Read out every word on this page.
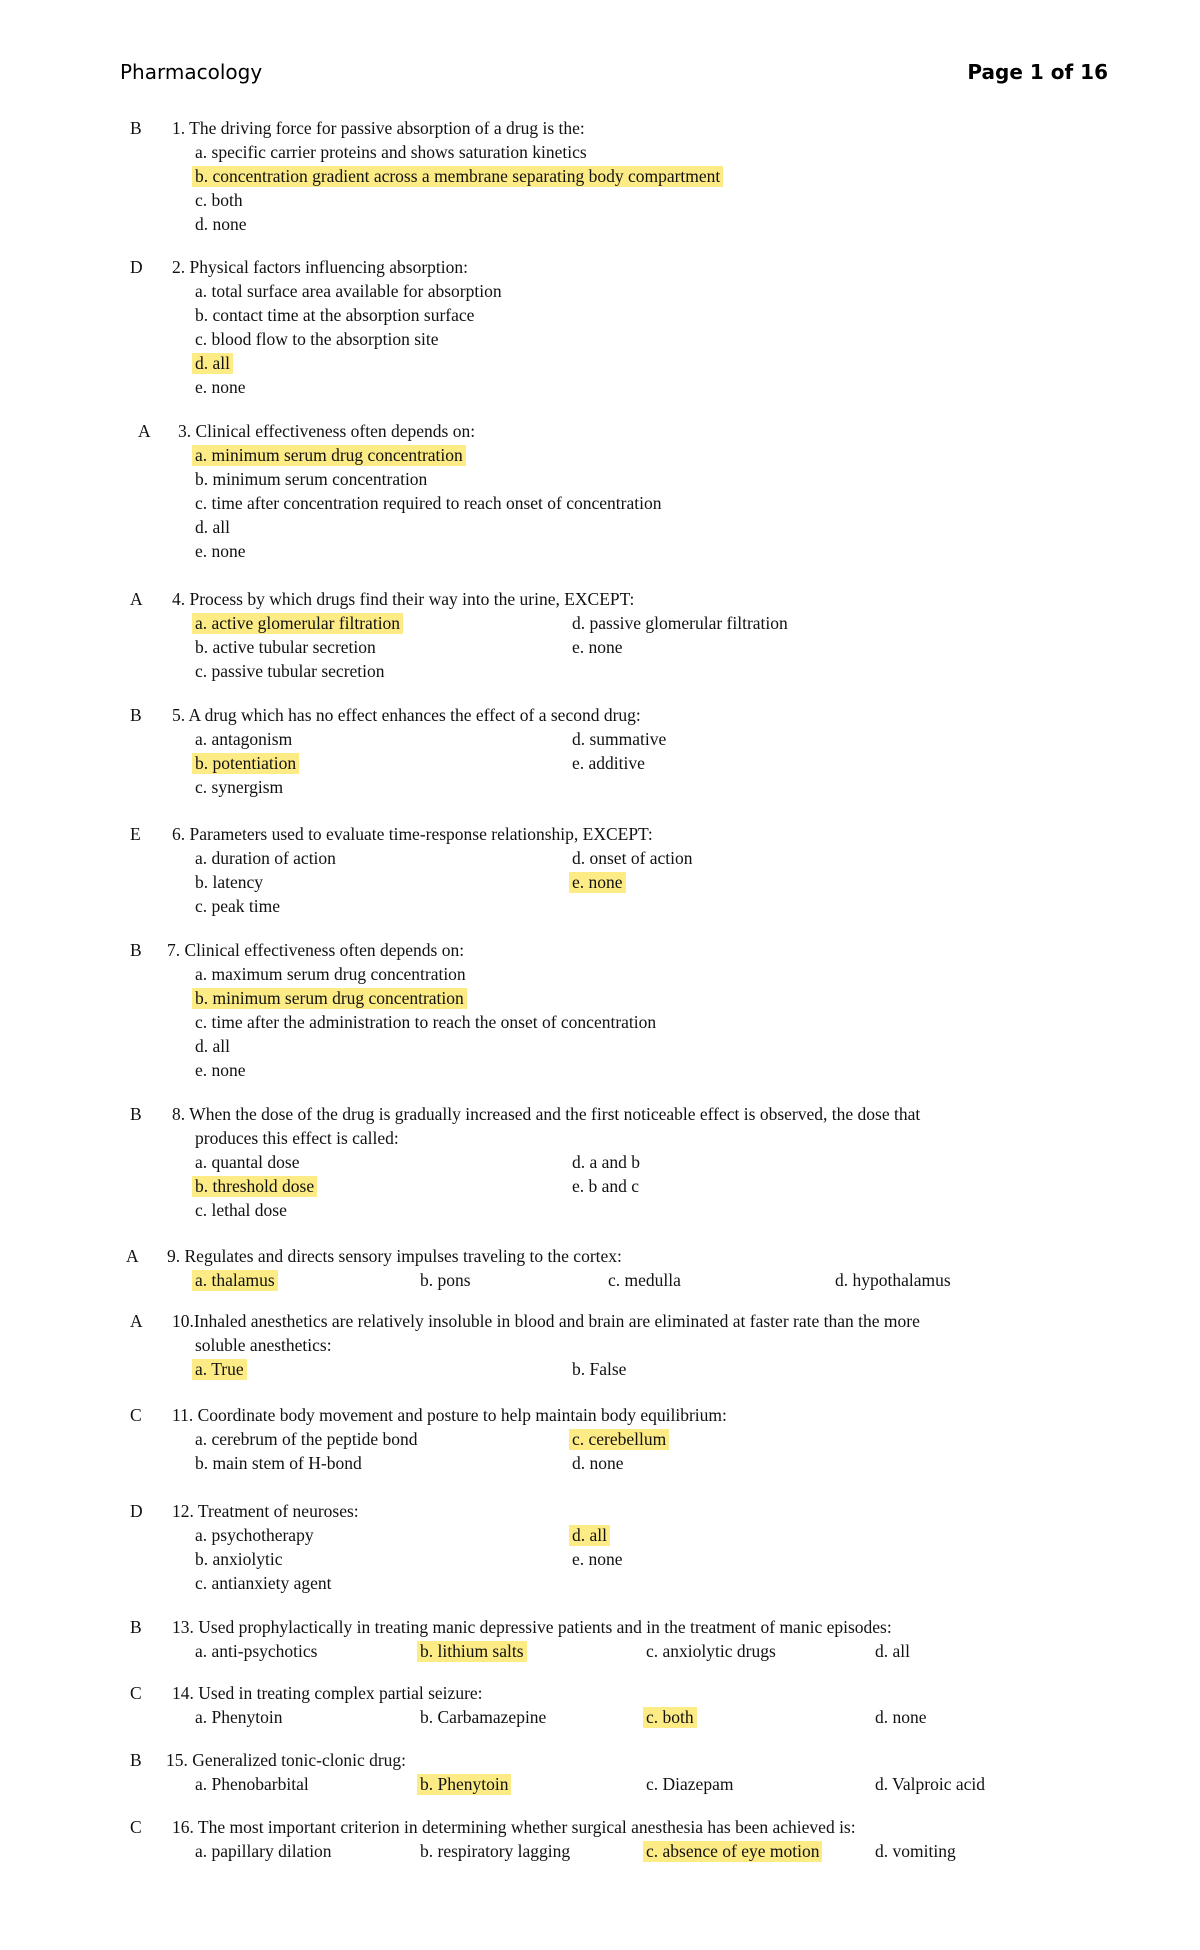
Pharmacology	Page 1 of 16
B 1. The driving force for passive absorption of a drug is the:
a. specific carrier proteins and shows saturation kinetics
b. concentration gradient across a membrane separating body compartment
c. both
d. none
D 2. Physical factors influencing absorption:
a. total surface area available for absorption
b. contact time at the absorption surface
c. blood flow to the absorption site
d. all
e. none
A 3. Clinical effectiveness often depends on:
a. minimum serum drug concentration
b. minimum serum concentration
c. time after concentration required to reach onset of concentration
d. all
e. none
A 4. Process by which drugs find their way into the urine, EXCEPT:
a. active glomerular filtration	d. passive glomerular filtration
b. active tubular secretion	e. none
c. passive tubular secretion
B 5. A drug which has no effect enhances the effect of a second drug:
a. antagonism	d. summative
b. potentiation	e. additive
c. synergism
E 6. Parameters used to evaluate time-response relationship, EXCEPT:
a. duration of action	d. onset of action
b. latency	e. none
c. peak time
B 7. Clinical effectiveness often depends on:
a. maximum serum drug concentration
b. minimum serum drug concentration
c. time after the administration to reach the onset of concentration
d. all
e. none
B 8. When the dose of the drug is gradually increased and the first noticeable effect is observed, the dose that
produces this effect is called:
a. quantal dose	d. a and b
b. threshold dose	e. b and c
c. lethal dose
A 9. Regulates and directs sensory impulses traveling to the cortex:
a. thalamus	b. pons	c. medulla	d. hypothalamus
A 10.Inhaled anesthetics are relatively insoluble in blood and brain are eliminated at faster rate than the more
soluble anesthetics:
a. True	b. False
C 11. Coordinate body movement and posture to help maintain body equilibrium:
a. cerebrum of the peptide bond	c. cerebellum
b. main stem of H-bond	d. none
D 12. Treatment of neuroses:
a. psychotherapy	d. all
b. anxiolytic	e. none
c. antianxiety agent
B 13. Used prophylactically in treating manic depressive patients and in the treatment of manic episodes:
a. anti-psychotics	b. lithium salts	c. anxiolytic drugs	d. all
C 14. Used in treating complex partial seizure:
a. Phenytoin	b. Carbamazepine	c. both	d. none
B 15. Generalized tonic-clonic drug:
a. Phenobarbital	b. Phenytoin	c. Diazepam	d. Valproic acid
C 16. The most important criterion in determining whether surgical anesthesia has been achieved is:
a. papillary dilation	b. respiratory lagging	c. absence of eye motion	d. vomiting
